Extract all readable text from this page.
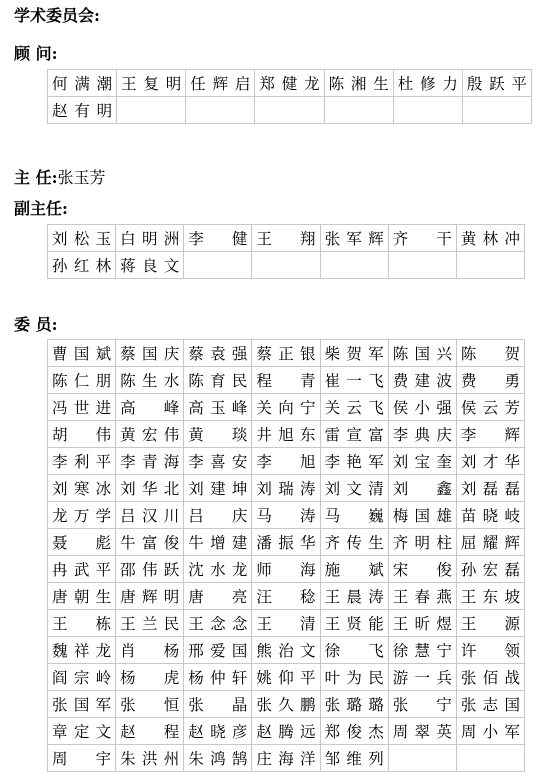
学术委员会:
顾 问:
何满潮	王复明	任辉启	郑健龙	陈湘生	杜修力	殷跃平
赵有明						
主 任:张玉芳
副主任:
刘松玉	白明洲	李 健	王 翔	张军辉	齐 干	黄林冲
孙红林	蒋良文					
委 员:
曹国斌	蔡国庆	蔡袁强	蔡正银	柴贺军	陈国兴	陈 贺
陈仁朋	陈生水	陈育民	程 青	崔一飞	费建波	费 勇
冯世进	高 峰	高玉峰	关向宁	关云飞	侯小强	侯云芳
胡 伟	黄宏伟	黄 琰	井旭东	雷宣富	李典庆	李 辉
李利平	李青海	李喜安	李 旭	李艳军	刘宝奎	刘才华
刘寒冰	刘华北	刘建坤	刘瑞涛	刘文清	刘 鑫	刘磊磊
龙万学	吕汉川	吕 庆	马 涛	马 巍	梅国雄	苗晓岐
聂 彪	牛富俊	牛增建	潘振华	齐传生	齐明柱	屈耀辉
冉武平	邵伟跃	沈水龙	师 海	施 斌	宋 俊	孙宏磊
唐朝生	唐辉明	唐 亮	汪 稔	王晨涛	王春燕	王东坡
王 栋	王兰民	王念念	王 清	王贤能	王昕煜	王 源
魏祥龙	肖 杨	邢爱国	熊治文	徐 飞	徐慧宁	许 领
阎宗岭	杨 虎	杨仲轩	姚仰平	叶为民	游一兵	张佰战
张国军	张 恒	张 晶	张久鹏	张璐璐	张 宁	张志国
章定文	赵 程	赵晓彦	赵腾远	郑俊杰	周翠英	周小军
周 宇	朱洪州	朱鸿鹄	庄海洋	邹维列		
